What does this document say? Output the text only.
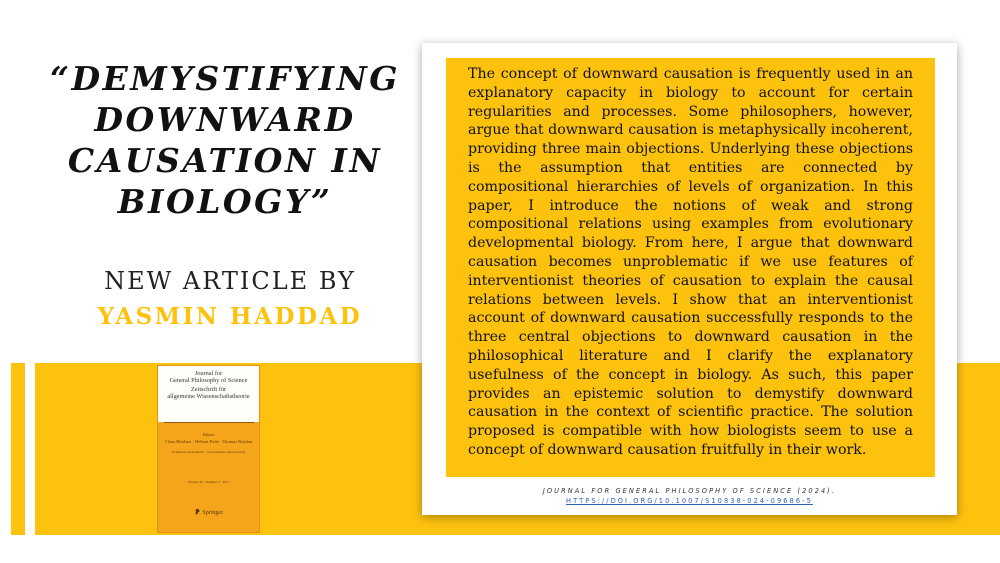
“DEMYSTIFYING
DOWNWARD
CAUSATION IN
BIOLOGY”
NEW ARTICLE BY
YASMIN HADDAD
Journal for
General Philosophy of Science
Zeitschrift für
allgemeine Wissenschaftstheorie
Editors
Claus Beisbart · Helmut Pulte · Thomas Reydon
Founded by Alwin Diemer · Lutz Geldsetzer and Gert König
Volume 48 · Number 2 · 2017
Springer

The concept of downward causation is frequently used in an explanatory capacity in biology to account for certain regularities and processes. Some philosophers, however, argue that downward causation is metaphysically incoherent, providing three main objections. Underlying these objections is the assumption that entities are connected by compositional hierarchies of levels of organization. In this paper, I introduce the notions of weak and strong compositional relations using examples from evolutionary developmental biology. From here, I argue that downward causation becomes unproblematic if we use features of interventionist theories of causation to explain the causal relations between levels. I show that an interventionist account of downward causation successfully responds to the three central objections to downward causation in the philosophical literature and I clarify the explanatory usefulness of the concept in biology. As such, this paper provides an epistemic solution to demystify downward causation in the context of scientific practice. The solution proposed is compatible with how biologists seem to use a concept of downward causation fruitfully in their work.

JOURNAL FOR GENERAL PHILOSOPHY OF SCIENCE (2024).
HTTPS://DOI.ORG/10.1007/S10838-024-09686-5
